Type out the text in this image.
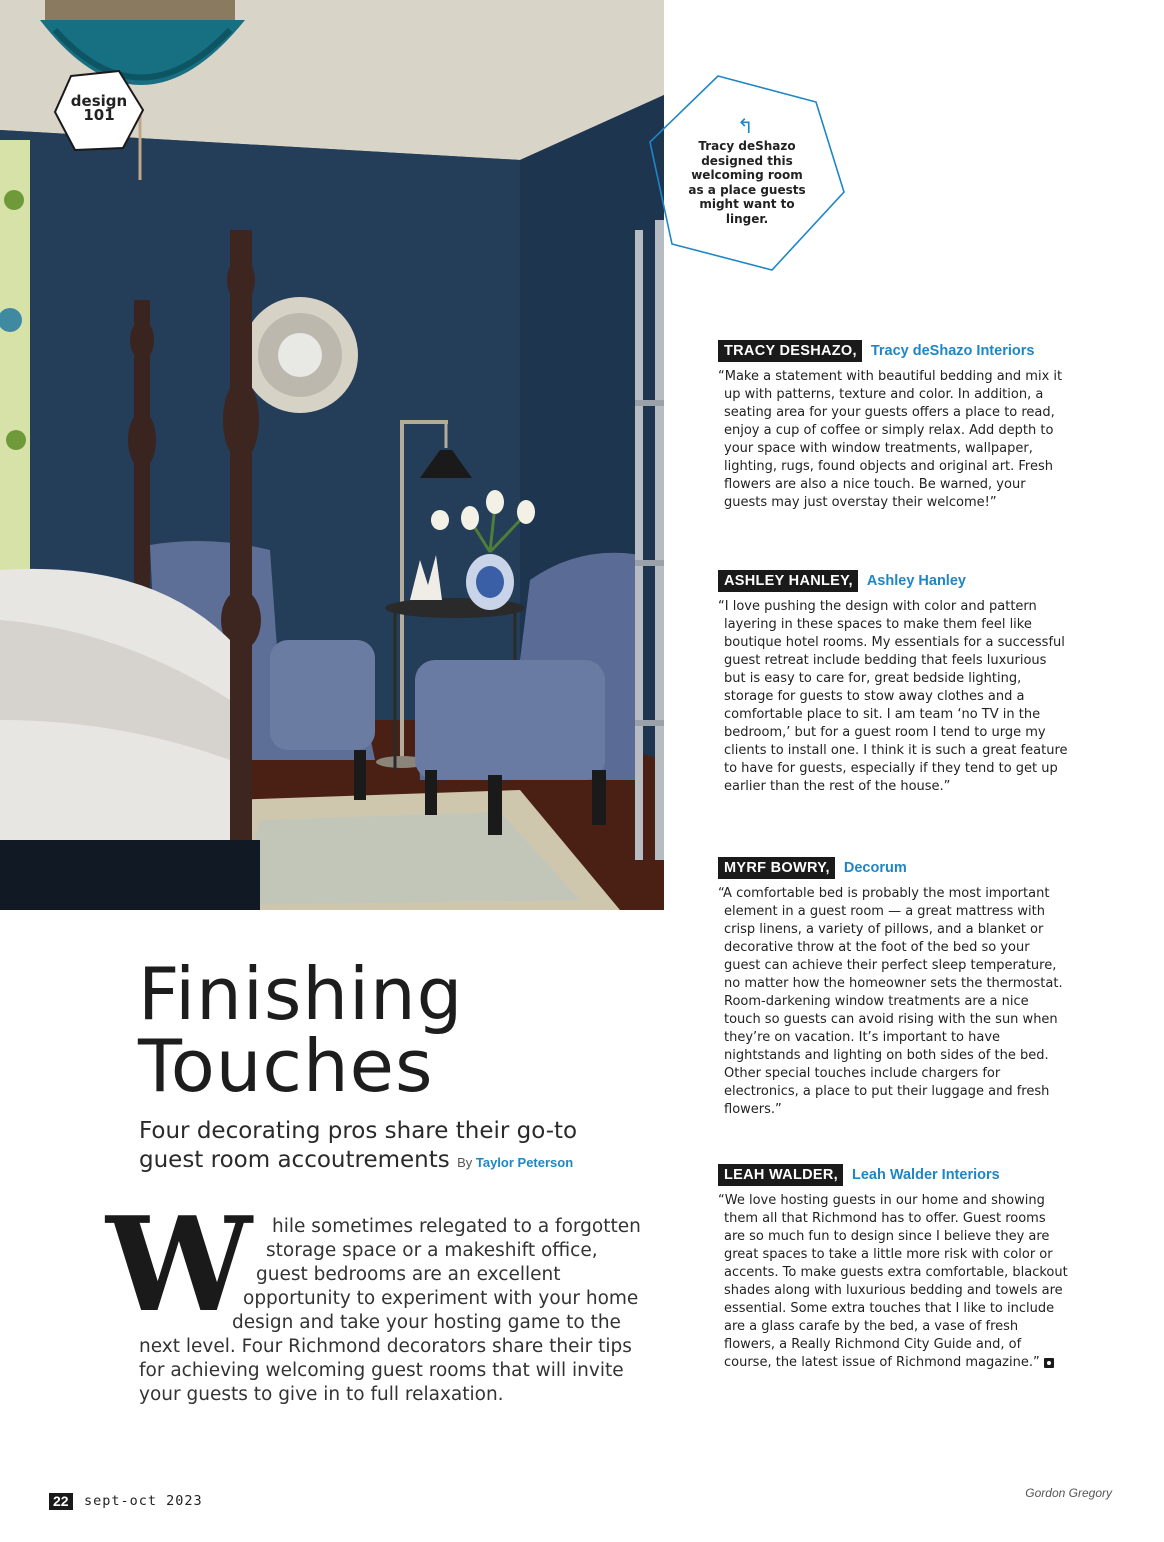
design
101	↰
Tracy deShazo designed this welcoming room as a place guests might want to linger.
Finishing
Touches
Four decorating pros share their go-to
guest room accoutrements By Taylor Peterson
W hile sometimes relegated to a forgotten
storage space or a makeshift office,
guest bedrooms are an excellent
opportunity to experiment with your home
design and take your hosting game to the
next level. Four Richmond decorators share their tips
for achieving welcoming guest rooms that will invite
your guests to give in to full relaxation.
TRACY DESHAZO, Tracy deShazo Interiors
“Make a statement with beautiful bedding and mix it up with patterns, texture and color. In addition, a seating area for your guests offers a place to read, enjoy a cup of coffee or simply relax. Add depth to your space with window treatments, wallpaper, lighting, rugs, found objects and original art. Fresh flowers are also a nice touch. Be warned, your guests may just overstay their welcome!”
ASHLEY HANLEY, Ashley Hanley
“I love pushing the design with color and pattern layering in these spaces to make them feel like boutique hotel rooms. My essentials for a successful guest retreat include bedding that feels luxurious but is easy to care for, great bedside lighting, storage for guests to stow away clothes and a comfortable place to sit. I am team ‘no TV in the bedroom,’ but for a guest room I tend to urge my clients to install one. I think it is such a great feature to have for guests, especially if they tend to get up earlier than the rest of the house.”
MYRF BOWRY, Decorum
“A comfortable bed is probably the most important element in a guest room — a great mattress with crisp linens, a variety of pillows, and a blanket or decorative throw at the foot of the bed so your guest can achieve their perfect sleep temperature, no matter how the homeowner sets the thermostat. Room-darkening window treatments are a nice touch so guests can avoid rising with the sun when they’re on vacation. It’s important to have nightstands and lighting on both sides of the bed. Other special touches include chargers for electronics, a place to put their luggage and fresh flowers.”
LEAH WALDER, Leah Walder Interiors
“We love hosting guests in our home and showing them all that Richmond has to offer. Guest rooms are so much fun to design since I believe they are great spaces to take a little more risk with color or accents. To make guests extra comfortable, blackout shades along with luxurious bedding and towels are essential. Some extra touches that I like to include are a glass carafe by the bed, a vase of fresh flowers, a Really Richmond City Guide and, of course, the latest issue of Richmond magazine.”
22 sept-oct 2023	Gordon Gregory
